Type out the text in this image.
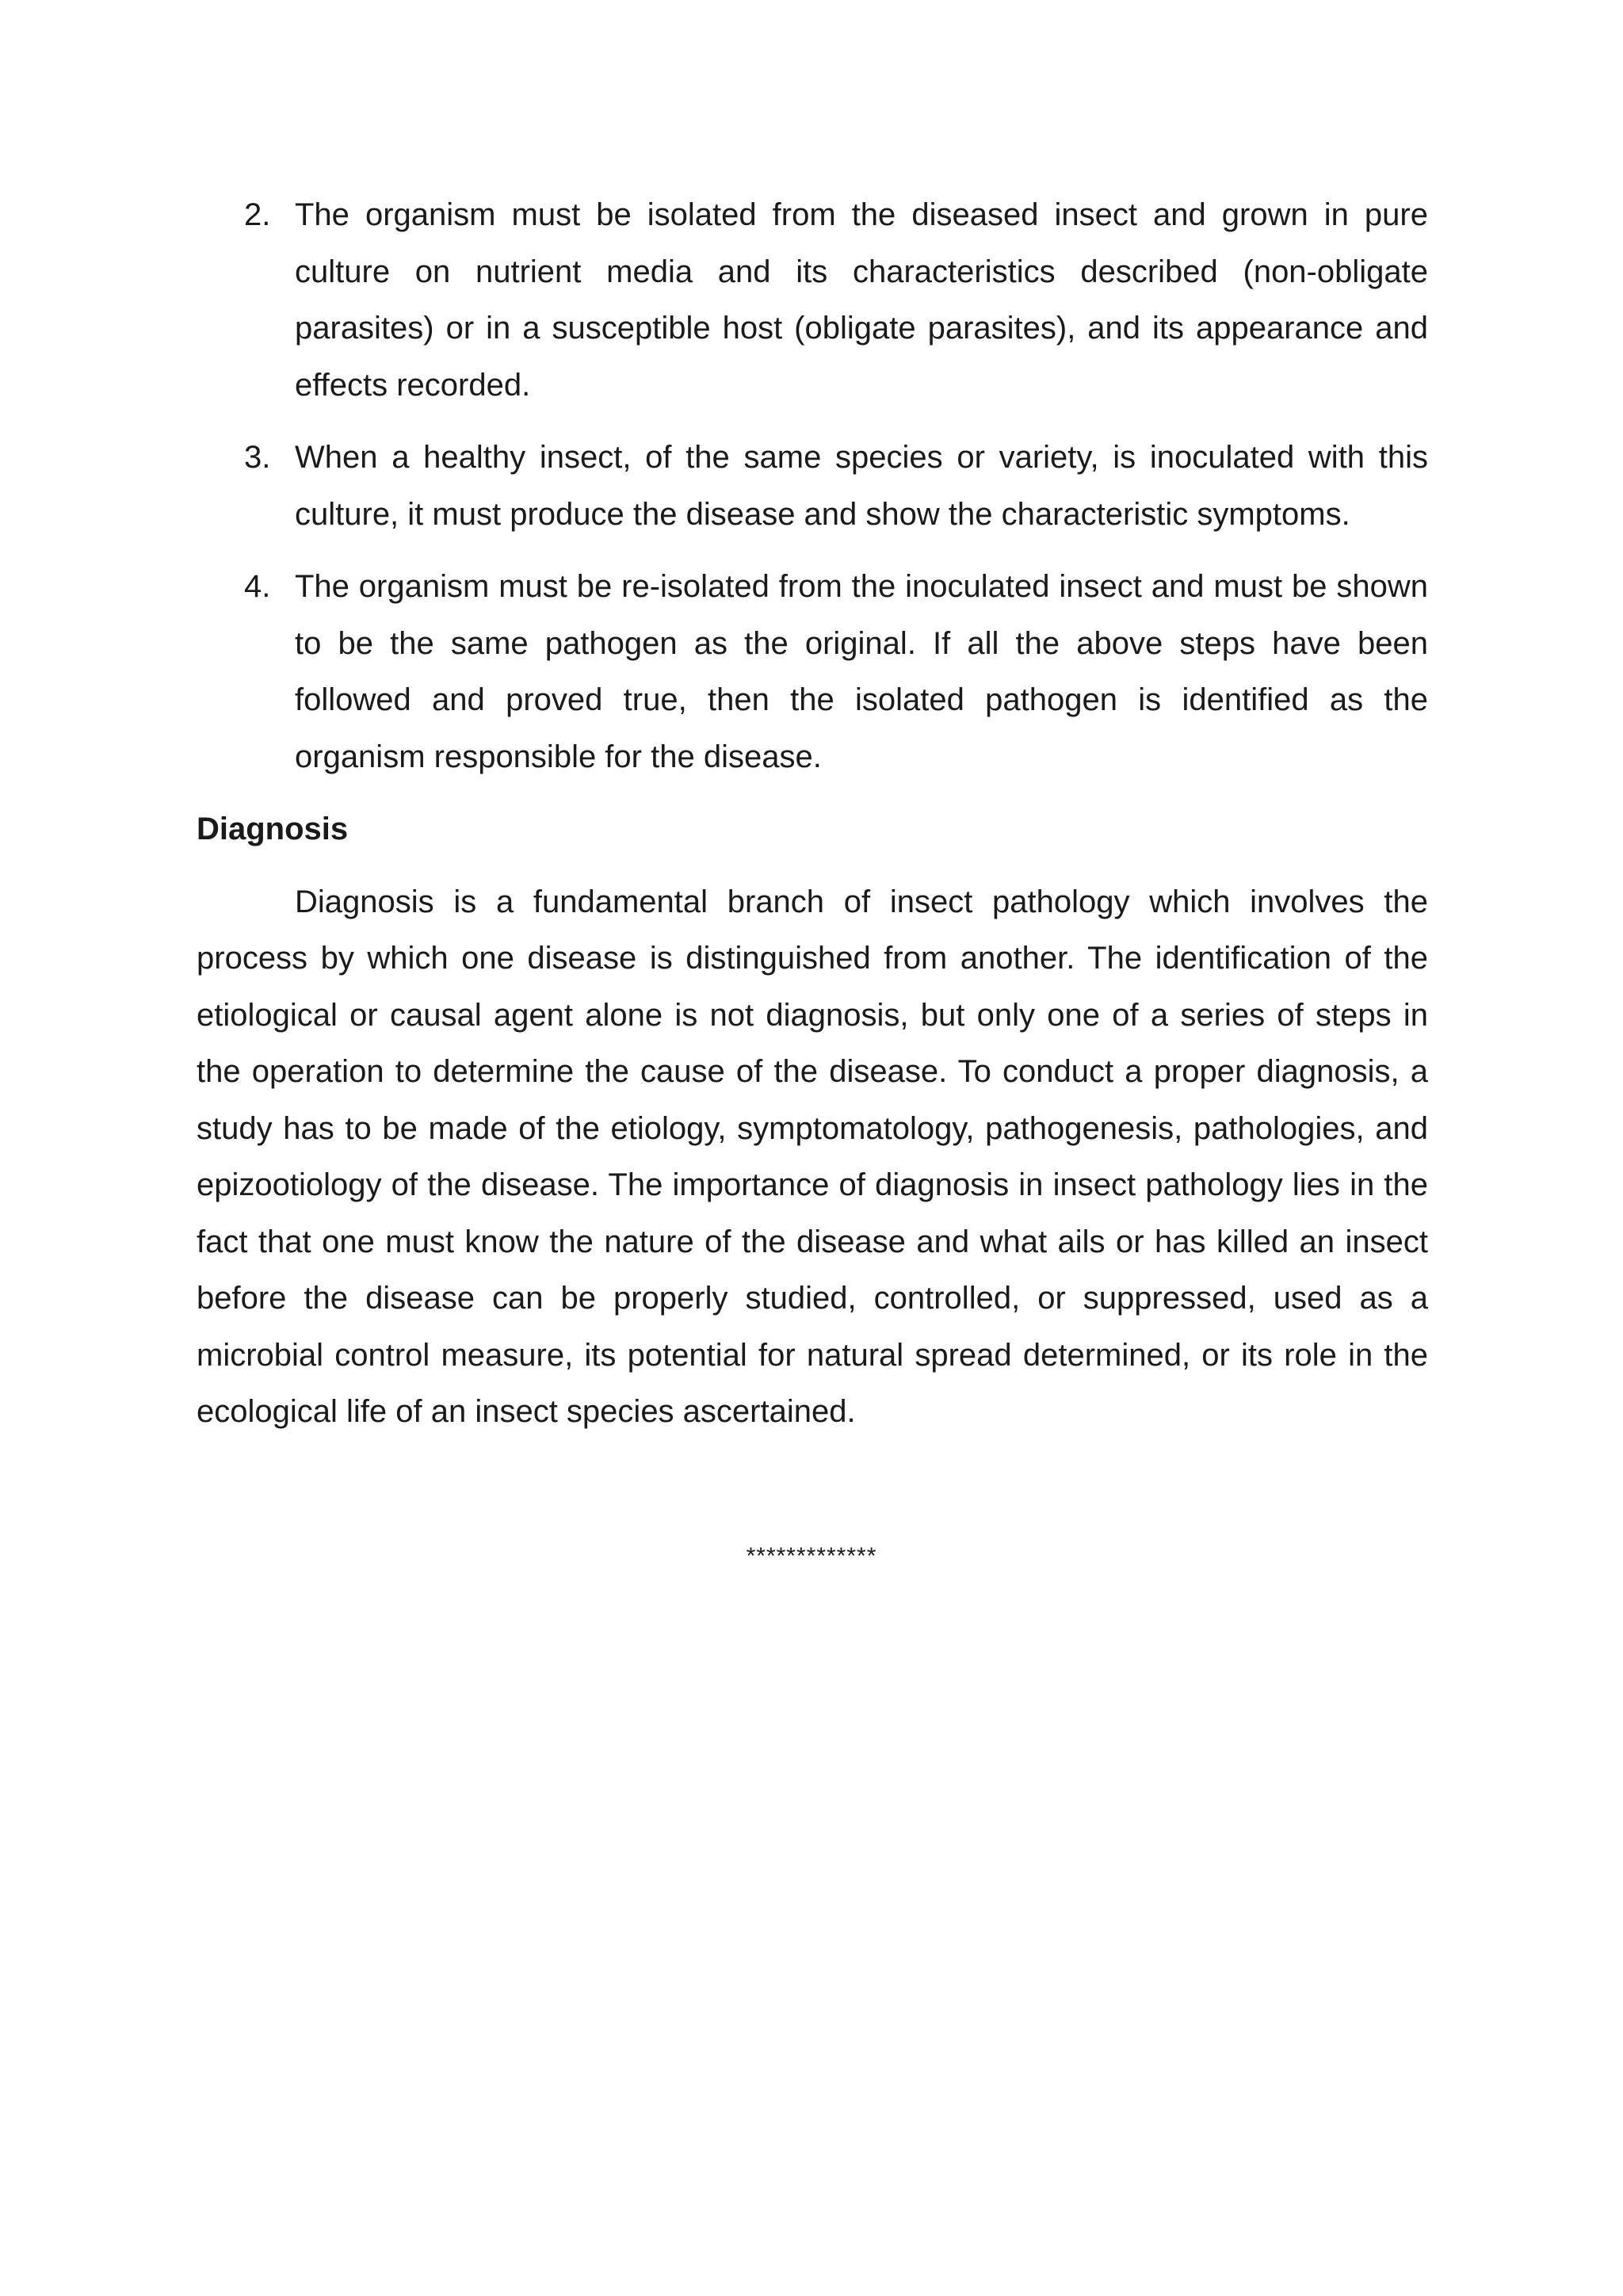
2. The organism must be isolated from the diseased insect and grown in pure culture on nutrient media and its characteristics described (non-obligate parasites) or in a susceptible host (obligate parasites), and its appearance and effects recorded.

3. When a healthy insect, of the same species or variety, is inoculated with this culture, it must produce the disease and show the characteristic symptoms.

4. The organism must be re-isolated from the inoculated insect and must be shown to be the same pathogen as the original. If all the above steps have been followed and proved true, then the isolated pathogen is identified as the organism responsible for the disease.

Diagnosis

Diagnosis is a fundamental branch of insect pathology which involves the process by which one disease is distinguished from another. The identification of the etiological or causal agent alone is not diagnosis, but only one of a series of steps in the operation to determine the cause of the disease. To conduct a proper diagnosis, a study has to be made of the etiology, symptomatology, pathogenesis, pathologies, and epizootiology of the disease. The importance of diagnosis in insect pathology lies in the fact that one must know the nature of the disease and what ails or has killed an insect before the disease can be properly studied, controlled, or suppressed, used as a microbial control measure, its potential for natural spread determined, or its role in the ecological life of an insect species ascertained.

*************
